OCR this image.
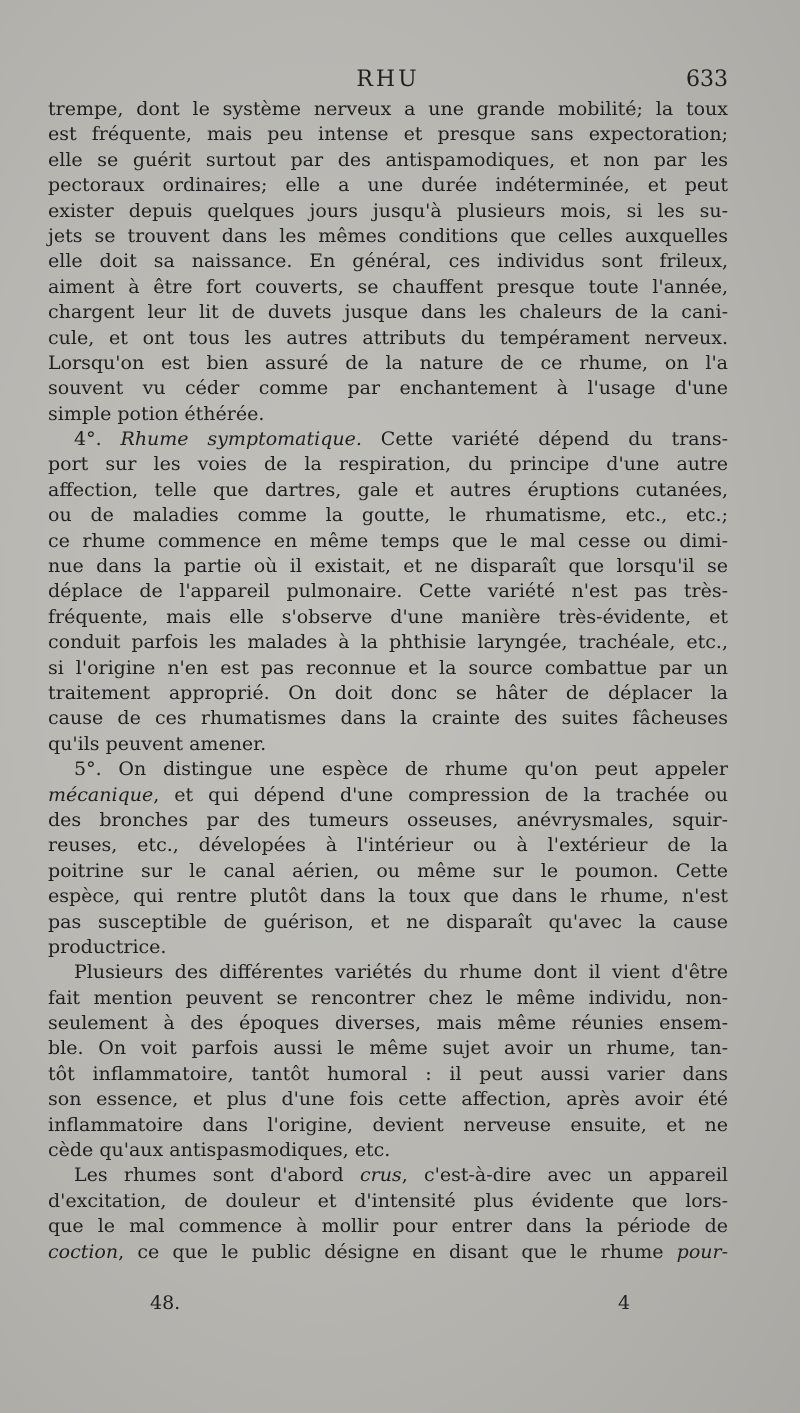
RHU	633
trempe, dont le système nerveux a une grande mobilité; la toux
est fréquente, mais peu intense et presque sans expectoration;
elle se guérit surtout par des antispamodiques, et non par les
pectoraux ordinaires; elle a une durée indéterminée, et peut
exister depuis quelques jours jusqu'à plusieurs mois, si les su-
jets se trouvent dans les mêmes conditions que celles auxquelles
elle doit sa naissance. En général, ces individus sont frileux,
aiment à être fort couverts, se chauffent presque toute l'année,
chargent leur lit de duvets jusque dans les chaleurs de la cani-
cule, et ont tous les autres attributs du tempérament nerveux.
Lorsqu'on est bien assuré de la nature de ce rhume, on l'a
souvent vu céder comme par enchantement à l'usage d'une
simple potion éthérée.
4°. Rhume symptomatique. Cette variété dépend du trans-
port sur les voies de la respiration, du principe d'une autre
affection, telle que dartres, gale et autres éruptions cutanées,
ou de maladies comme la goutte, le rhumatisme, etc., etc.;
ce rhume commence en même temps que le mal cesse ou dimi-
nue dans la partie où il existait, et ne disparaît que lorsqu'il se
déplace de l'appareil pulmonaire. Cette variété n'est pas très-
fréquente, mais elle s'observe d'une manière très-évidente, et
conduit parfois les malades à la phthisie laryngée, trachéale, etc.,
si l'origine n'en est pas reconnue et la source combattue par un
traitement approprié. On doit donc se hâter de déplacer la
cause de ces rhumatismes dans la crainte des suites fâcheuses
qu'ils peuvent amener.
5°. On distingue une espèce de rhume qu'on peut appeler
mécanique, et qui dépend d'une compression de la trachée ou
des bronches par des tumeurs osseuses, anévrysmales, squir-
reuses, etc., dévelopées à l'intérieur ou à l'extérieur de la
poitrine sur le canal aérien, ou même sur le poumon. Cette
espèce, qui rentre plutôt dans la toux que dans le rhume, n'est
pas susceptible de guérison, et ne disparaît qu'avec la cause
productrice.
Plusieurs des différentes variétés du rhume dont il vient d'être
fait mention peuvent se rencontrer chez le même individu, non-
seulement à des époques diverses, mais même réunies ensem-
ble. On voit parfois aussi le même sujet avoir un rhume, tan-
tôt inflammatoire, tantôt humoral : il peut aussi varier dans
son essence, et plus d'une fois cette affection, après avoir été
inflammatoire dans l'origine, devient nerveuse ensuite, et ne
cède qu'aux antispasmodiques, etc.
Les rhumes sont d'abord crus, c'est-à-dire avec un appareil
d'excitation, de douleur et d'intensité plus évidente que lors-
que le mal commence à mollir pour entrer dans la période de
coction, ce que le public désigne en disant que le rhume pour-
48.	4
